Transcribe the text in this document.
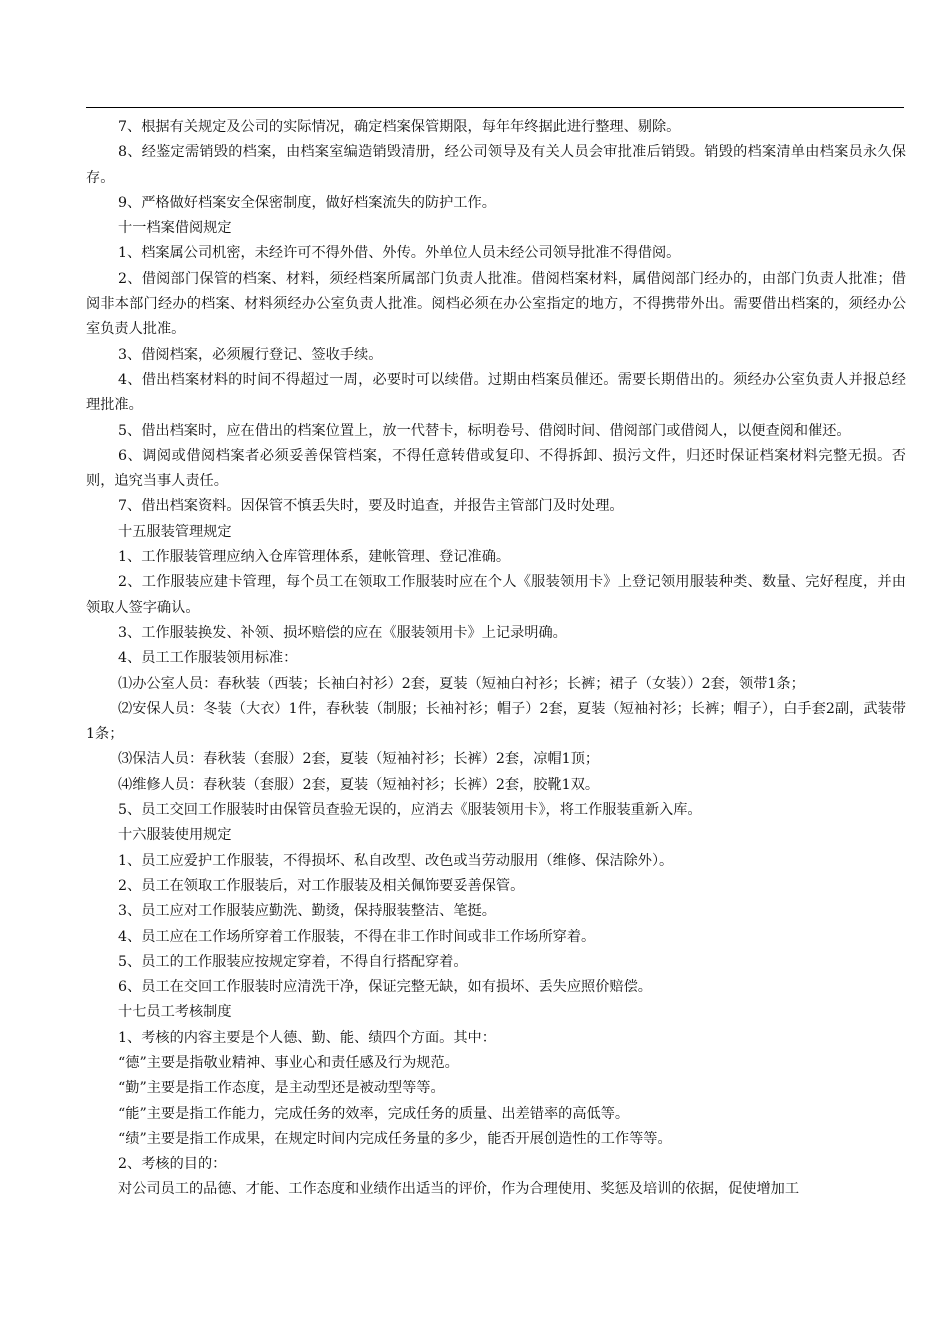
7、根据有关规定及公司的实际情况，确定档案保管期限，每年年终据此进行整理、剔除。

8、经鉴定需销毁的档案，由档案室编造销毁清册，经公司领导及有关人员会审批准后销毁。销毁的档案清单由档案员永久保存。

9、严格做好档案安全保密制度，做好档案流失的防护工作。

十一档案借阅规定

1、档案属公司机密，未经许可不得外借、外传。外单位人员未经公司领导批准不得借阅。

2、借阅部门保管的档案、材料，须经档案所属部门负责人批准。借阅档案材料，属借阅部门经办的，由部门负责人批准；借阅非本部门经办的档案、材料须经办公室负责人批准。阅档必须在办公室指定的地方，不得携带外出。需要借出档案的，须经办公室负责人批准。

3、借阅档案，必须履行登记、签收手续。

4、借出档案材料的时间不得超过一周，必要时可以续借。过期由档案员催还。需要长期借出的。须经办公室负责人并报总经理批准。

5、借出档案时，应在借出的档案位置上，放一代替卡，标明卷号、借阅时间、借阅部门或借阅人，以便查阅和催还。

6、调阅或借阅档案者必须妥善保管档案，不得任意转借或复印、不得拆卸、损污文件，归还时保证档案材料完整无损。否则，追究当事人责任。

7、借出档案资料。因保管不慎丢失时，要及时追查，并报告主管部门及时处理。

十五服装管理规定

1、工作服装管理应纳入仓库管理体系，建帐管理、登记准确。

2、工作服装应建卡管理，每个员工在领取工作服装时应在个人《服装领用卡》上登记领用服装种类、数量、完好程度，并由领取人签字确认。

3、工作服装换发、补领、损坏赔偿的应在《服装领用卡》上记录明确。

4、员工工作服装领用标准：

⑴办公室人员：春秋装（西装；长袖白衬衫）2套，夏装（短袖白衬衫；长裤；裙子（女装））2套，领带1条；

⑵安保人员：冬装（大衣）1件，春秋装（制服；长袖衬衫；帽子）2套，夏装（短袖衬衫；长裤；帽子），白手套2副，武装带1条；

⑶保洁人员：春秋装（套服）2套，夏装（短袖衬衫；长裤）2套，凉帽1顶；

⑷维修人员：春秋装（套服）2套，夏装（短袖衬衫；长裤）2套，胶靴1双。

5、员工交回工作服装时由保管员查验无误的，应消去《服装领用卡》，将工作服装重新入库。

十六服装使用规定

1、员工应爱护工作服装，不得损坏、私自改型、改色或当劳动服用（维修、保洁除外）。

2、员工在领取工作服装后，对工作服装及相关佩饰要妥善保管。

3、员工应对工作服装应勤洗、勤烫，保持服装整洁、笔挺。

4、员工应在工作场所穿着工作服装，不得在非工作时间或非工作场所穿着。

5、员工的工作服装应按规定穿着，不得自行搭配穿着。

6、员工在交回工作服装时应清洗干净，保证完整无缺，如有损坏、丢失应照价赔偿。

十七员工考核制度

1、考核的内容主要是个人德、勤、能、绩四个方面。其中：

“德”主要是指敬业精神、事业心和责任感及行为规范。

“勤”主要是指工作态度，是主动型还是被动型等等。

“能”主要是指工作能力，完成任务的效率，完成任务的质量、出差错率的高低等。

“绩”主要是指工作成果，在规定时间内完成任务量的多少，能否开展创造性的工作等等。

2、考核的目的：

对公司员工的品德、才能、工作态度和业绩作出适当的评价，作为合理使用、奖惩及培训的依据，促使增加工
